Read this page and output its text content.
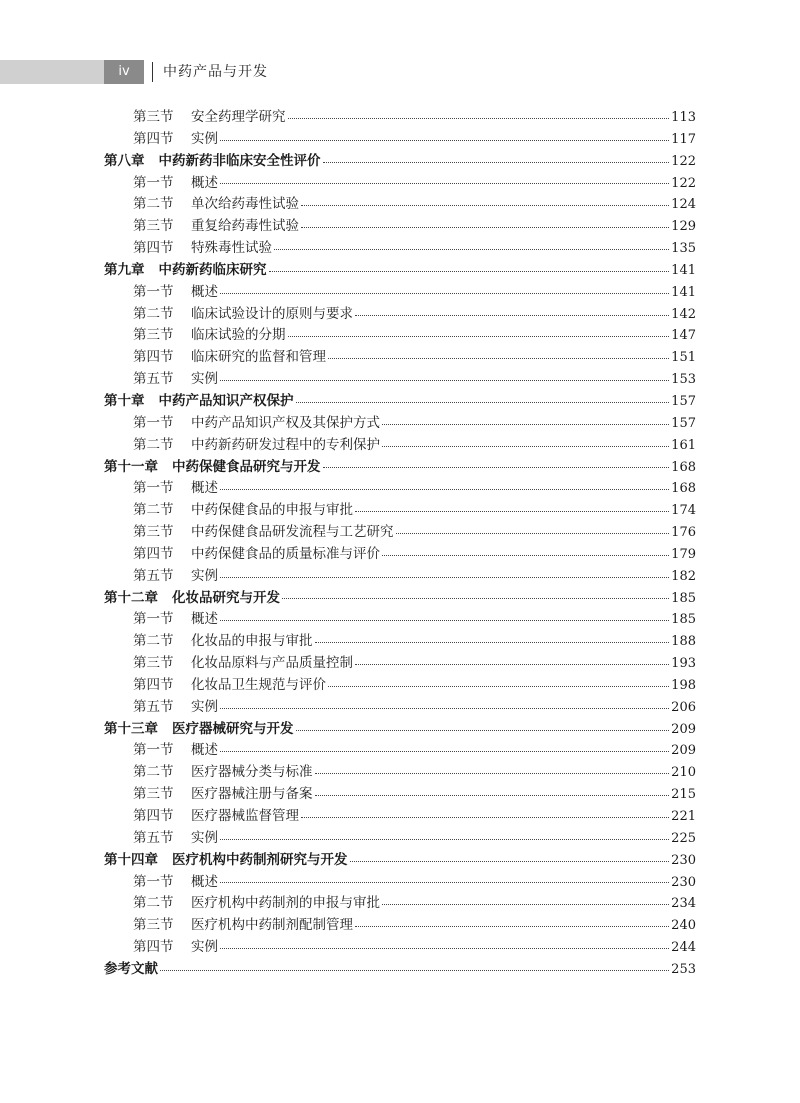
iv	中药产品与开发
第三节	安全药理学研究	113
第四节	实例	117
第八章 中药新药非临床安全性评价	122
第一节	概述	122
第二节	单次给药毒性试验	124
第三节	重复给药毒性试验	129
第四节	特殊毒性试验	135
第九章 中药新药临床研究	141
第一节	概述	141
第二节	临床试验设计的原则与要求	142
第三节	临床试验的分期	147
第四节	临床研究的监督和管理	151
第五节	实例	153
第十章 中药产品知识产权保护	157
第一节	中药产品知识产权及其保护方式	157
第二节	中药新药研发过程中的专利保护	161
第十一章 中药保健食品研究与开发	168
第一节	概述	168
第二节	中药保健食品的申报与审批	174
第三节	中药保健食品研发流程与工艺研究	176
第四节	中药保健食品的质量标准与评价	179
第五节	实例	182
第十二章 化妆品研究与开发	185
第一节	概述	185
第二节	化妆品的申报与审批	188
第三节	化妆品原料与产品质量控制	193
第四节	化妆品卫生规范与评价	198
第五节	实例	206
第十三章 医疗器械研究与开发	209
第一节	概述	209
第二节	医疗器械分类与标准	210
第三节	医疗器械注册与备案	215
第四节	医疗器械监督管理	221
第五节	实例	225
第十四章 医疗机构中药制剂研究与开发	230
第一节	概述	230
第二节	医疗机构中药制剂的申报与审批	234
第三节	医疗机构中药制剂配制管理	240
第四节	实例	244
参考文献	253
